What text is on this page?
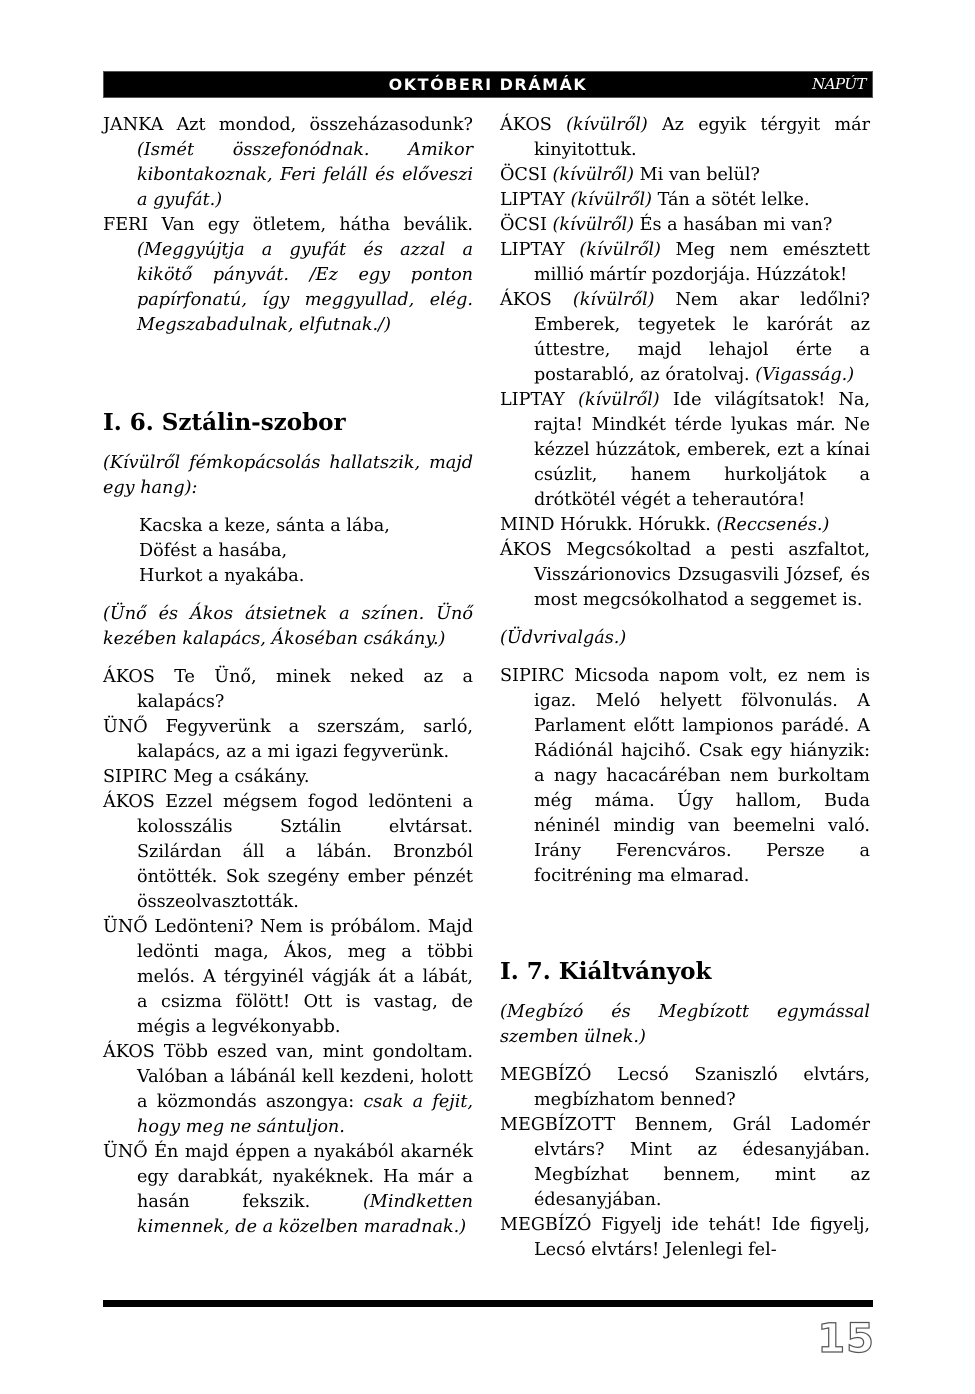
OKTÓBERI DRÁMÁK	NAPÚT

JANKA Azt mondod, összeházasodunk? (Ismét összefonódnak. Amikor kibontakoznak, Feri feláll és előveszi a gyufát.)

FERI Van egy ötletem, hátha beválik. (Meggyújtja a gyufát és azzal a kikötő pányvát. /Ez egy ponton papírfonatú, így meggyullad, elég. Megszabadulnak, elfutnak./)

I. 6. Sztálin-szobor

(Kívülről fémkopácsolás hallatszik, majd egy hang):

Kacska a keze, sánta a lába,

Döfést a hasába,

Hurkot a nyakába.

(Ünő és Ákos átsietnek a színen. Ünő kezében kalapács, Ákoséban csákány.)

ÁKOS Te Ünő, minek neked az a kalapács?

ÜNŐ Fegyverünk a szerszám, sarló, kalapács, az a mi igazi fegyverünk.

SIPIRC Meg a csákány.

ÁKOS Ezzel mégsem fogod ledönteni a kolosszális Sztálin elvtársat. Szilárdan áll a lábán. Bronzból öntötték. Sok szegény ember pénzét összeolvasztották.

ÜNŐ Ledönteni? Nem is próbálom. Majd ledönti maga, Ákos, meg a többi melós. A térgyinél vágják át a lábát, a csizma fölött! Ott is vastag, de mégis a legvékonyabb.

ÁKOS Több eszed van, mint gondoltam. Valóban a lábánál kell kezdeni, holott a közmondás aszongya: csak a fejit, hogy meg ne sántuljon.

ÜNŐ Én majd éppen a nyakából akarnék egy darabkát, nyakéknek. Ha már a hasán fekszik.	(Mindketten kimennek, de a közelben maradnak.)

ÁKOS (kívülről) Az egyik térgyit már kinyitottuk.

ÖCSI (kívülről) Mi van belül?

LIPTAY (kívülről) Tán a sötét lelke.

ÖCSI (kívülről) És a hasában mi van?

LIPTAY (kívülről) Meg nem emésztett millió mártír pozdorjája. Húzzátok!

ÁKOS (kívülről) Nem akar ledőlni? Emberek, tegyetek le karórát az úttestre, majd lehajol érte a postarabló, az óratolvaj. (Vigasság.)

LIPTAY (kívülről) Ide világítsatok! Na, rajta! Mindkét térde lyukas már. Ne kézzel húzzátok, emberek, ezt a kínai csúzlit, hanem hurkoljátok a drótkötél végét a teherautóra!

MIND Hórukk. Hórukk. (Reccsenés.)

ÁKOS Megcsókoltad a pesti aszfaltot, Visszárionovics Dzsugasvili József, és most megcsókolhatod a seggemet is.

(Üdvrivalgás.)

SIPIRC Micsoda napom volt, ez nem is igaz. Meló helyett fölvonulás. A Parlament előtt lampionos parádé. A Rádiónál hajcihő. Csak egy hiányzik: a nagy hacacáréban nem burkoltam még máma. Úgy hallom, Buda néninél mindig van beemelni való. Irány Ferencváros. Persze a focitréning ma elmarad.

I. 7. Kiáltványok

(Megbízó és Megbízott egymással szemben ülnek.)

MEGBÍZÓ Lecsó Szaniszló elvtárs, megbízhatom benned?

MEGBÍZOTT Bennem, Grál Ladomér elvtárs? Mint az édesanyjában. Megbízhat bennem, mint az édesanyjában.

MEGBÍZÓ Figyelj ide tehát! Ide figyelj, Lecsó elvtárs! Jelenlegi fel-

15
